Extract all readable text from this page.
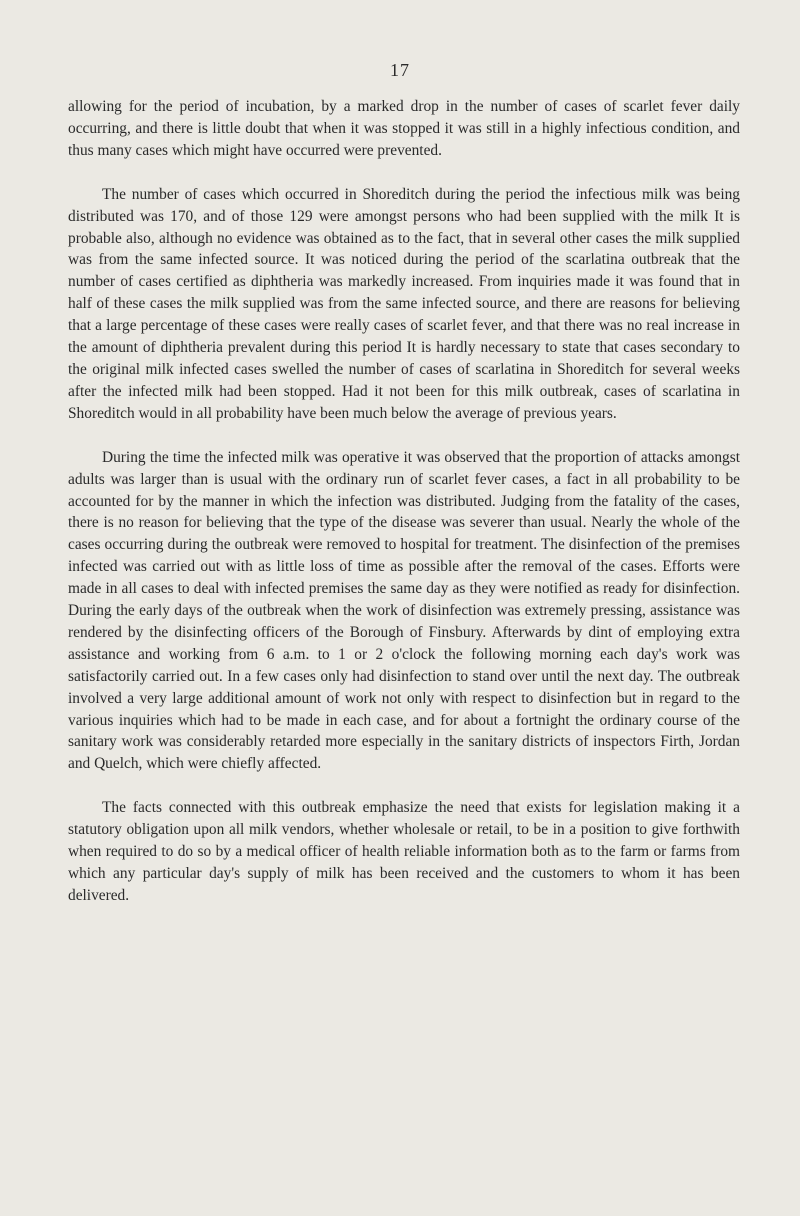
17

allowing for the period of incubation, by a marked drop in the number of cases of scarlet fever daily occurring, and there is little doubt that when it was stopped it was still in a highly infectious condition, and thus many cases which might have occurred were prevented.

The number of cases which occurred in Shoreditch during the period the infectious milk was being distributed was 170, and of those 129 were amongst persons who had been supplied with the milk It is probable also, although no evidence was obtained as to the fact, that in several other cases the milk supplied was from the same infected source. It was noticed during the period of the scarlatina outbreak that the number of cases certified as diphtheria was markedly increased. From inquiries made it was found that in half of these cases the milk supplied was from the same infected source, and there are reasons for believing that a large percentage of these cases were really cases of scarlet fever, and that there was no real increase in the amount of diphtheria prevalent during this period It is hardly necessary to state that cases secondary to the original milk infected cases swelled the number of cases of scarlatina in Shoreditch for several weeks after the infected milk had been stopped. Had it not been for this milk outbreak, cases of scarlatina in Shoreditch would in all probability have been much below the average of previous years.

During the time the infected milk was operative it was observed that the proportion of attacks amongst adults was larger than is usual with the ordinary run of scarlet fever cases, a fact in all probability to be accounted for by the manner in which the infection was distributed. Judging from the fatality of the cases, there is no reason for believing that the type of the disease was severer than usual. Nearly the whole of the cases occurring during the outbreak were removed to hospital for treatment. The disinfection of the premises infected was carried out with as little loss of time as possible after the removal of the cases. Efforts were made in all cases to deal with infected premises the same day as they were notified as ready for disinfection. During the early days of the outbreak when the work of disinfection was extremely pressing, assistance was rendered by the disinfecting officers of the Borough of Finsbury. Afterwards by dint of employing extra assistance and working from 6 a.m. to 1 or 2 o'clock the following morning each day's work was satisfactorily carried out. In a few cases only had disinfection to stand over until the next day. The outbreak involved a very large additional amount of work not only with respect to disinfection but in regard to the various inquiries which had to be made in each case, and for about a fortnight the ordinary course of the sanitary work was considerably retarded more especially in the sanitary districts of inspectors Firth, Jordan and Quelch, which were chiefly affected.

The facts connected with this outbreak emphasize the need that exists for legislation making it a statutory obligation upon all milk vendors, whether wholesale or retail, to be in a position to give forthwith when required to do so by a medical officer of health reliable information both as to the farm or farms from which any particular day's supply of milk has been received and the customers to whom it has been delivered.
